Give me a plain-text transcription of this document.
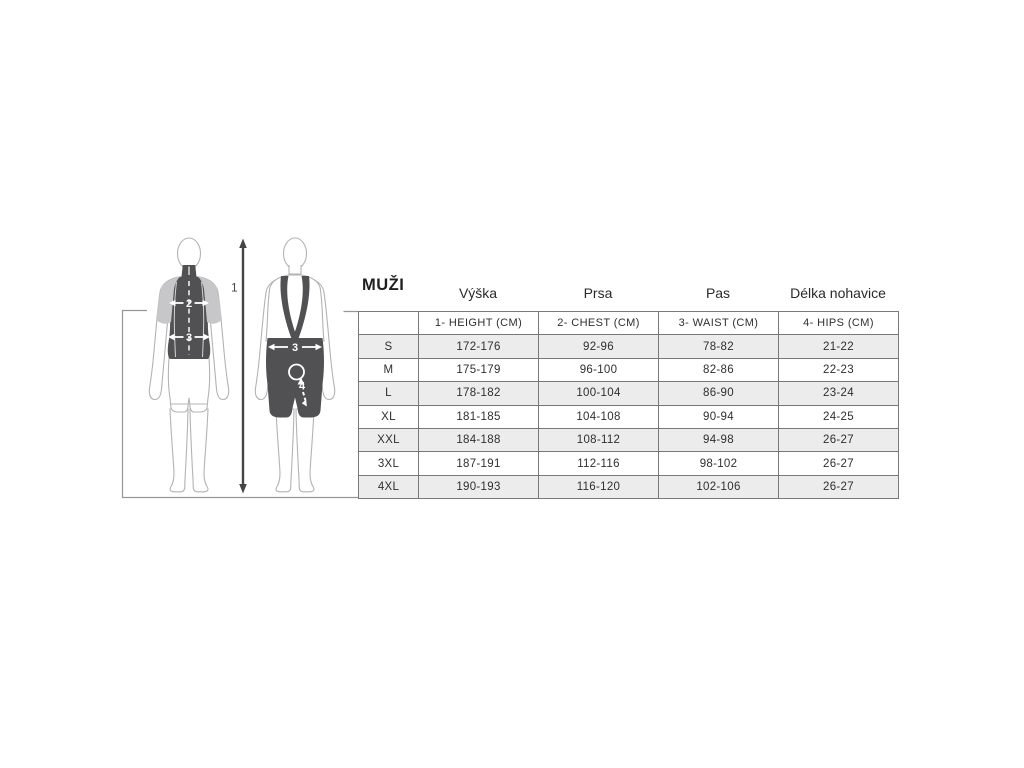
1
2
3
3
4
MUŽI	Výška	Prsa	Pas	Délka nohavice
	1- HEIGHT (CM)	2- CHEST (CM)	3- WAIST (CM)	4- HIPS (CM)
S	172-176	92-96	78-82	21-22
M	175-179	96-100	82-86	22-23
L	178-182	100-104	86-90	23-24
XL	181-185	104-108	90-94	24-25
XXL	184-188	108-112	94-98	26-27
3XL	187-191	112-116	98-102	26-27
4XL	190-193	116-120	102-106	26-27
